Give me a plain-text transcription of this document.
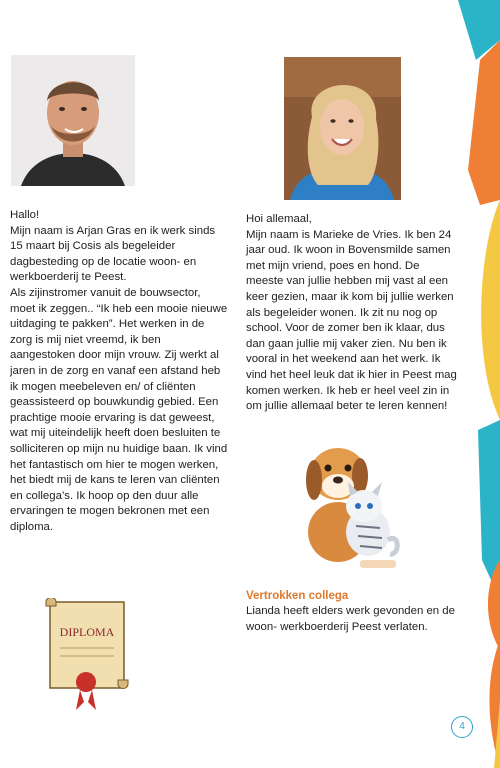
Hallo!
Mijn naam is Arjan Gras en ik werk sinds 15 maart bij Cosis als begeleider dagbesteding op de locatie woon- en werkboerderij te Peest.

Als zijinstromer vanuit de bouwsector, moet ik zeggen.. “Ik heb een mooie nieuwe uitdaging te pakken”. Het werken in de zorg is mij niet vreemd, ik ben aangestoken door mijn vrouw. Zij werkt al jaren in de zorg en vanaf een afstand heb ik mogen meebeleven en/ of cliënten geassisteerd op bouwkundig gebied. Een prachtige mooie ervaring is dat geweest, wat mij uiteindelijk heeft doen besluiten te solliciteren op mijn nu huidige baan. Ik vind het fantastisch om hier te mogen werken, het biedt mij de kans te leren van cliënten en collega’s. Ik hoop op den duur alle ervaringen te mogen bekronen met een diploma.

Hoi allemaal,
Mijn naam is Marieke de Vries. Ik ben 24 jaar oud. Ik woon in Bovensmilde samen met mijn vriend, poes en hond. De meeste van jullie hebben mij vast al een keer gezien, maar ik kom bij jullie werken als begeleider wonen. Ik zit nu nog op school. Voor de zomer ben ik klaar, dus dan gaan jullie mij vaker zien. Nu ben ik vooral in het weekend aan het werk. Ik vind het heel leuk dat ik hier in Peest mag komen werken. Ik heb er heel veel zin in om jullie allemaal beter te leren kennen!

Vertrokken collega
Lianda heeft elders werk gevonden en de woon- werkboerderij Peest verlaten.
DIPLOMA
4
